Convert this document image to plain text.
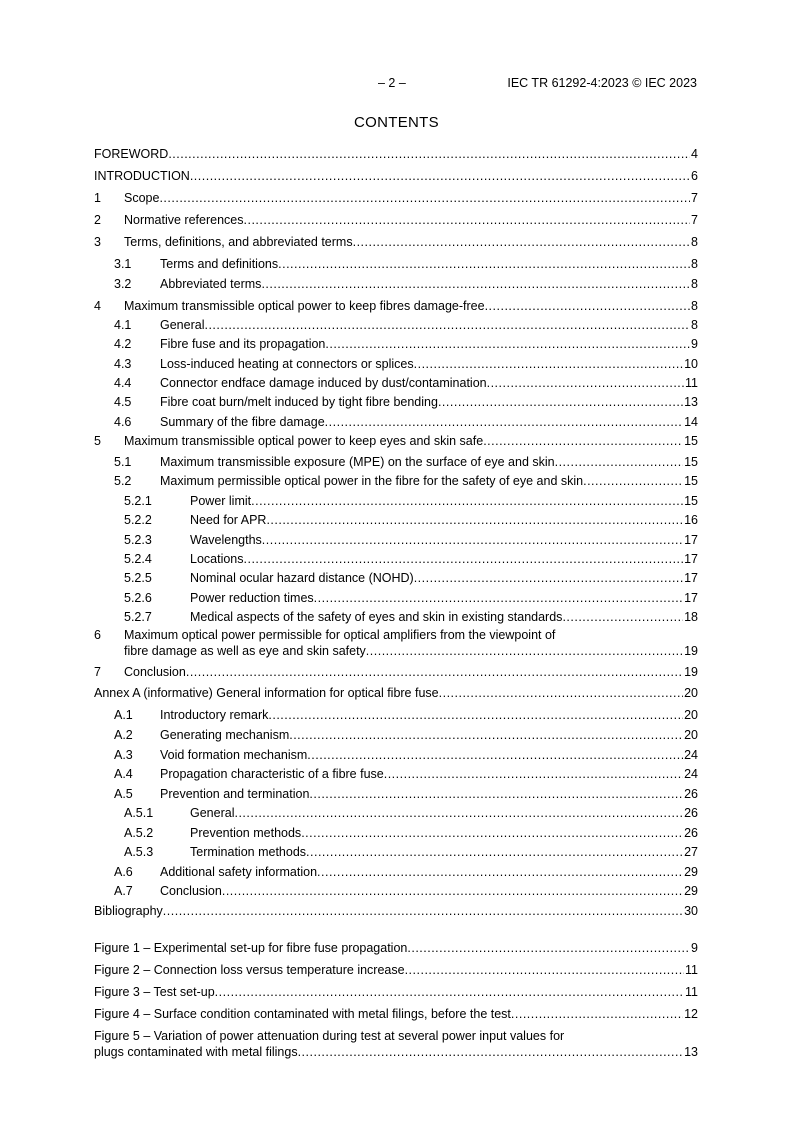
– 2 –	IEC TR 61292-4:2023 © IEC 2023
CONTENTS
FOREWORD .....	4
INTRODUCTION .....	6
1 Scope .....	7
2 Normative references .....	7
3 Terms, definitions, and abbreviated terms .....	8
3.1 Terms and definitions .....	8
3.2 Abbreviated terms .....	8
4 Maximum transmissible optical power to keep fibres damage-free .....	8
4.1 General .....	8
4.2 Fibre fuse and its propagation .....	9
4.3 Loss-induced heating at connectors or splices .....	10
4.4 Connector endface damage induced by dust/contamination .....	11
4.5 Fibre coat burn/melt induced by tight fibre bending .....	13
4.6 Summary of the fibre damage .....	14
5 Maximum transmissible optical power to keep eyes and skin safe .....	15
5.1 Maximum transmissible exposure (MPE) on the surface of eye and skin .....	15
5.2 Maximum permissible optical power in the fibre for the safety of eye and skin .....	15
5.2.1	Power limit .....	15
5.2.2	Need for APR .....	16
5.2.3	Wavelengths .....	17
5.2.4	Locations .....	17
5.2.5	Nominal ocular hazard distance (NOHD) .....	17
5.2.6	Power reduction times .....	17
5.2.7	Medical aspects of the safety of eyes and skin in existing standards .....	18
6 Maximum optical power permissible for optical amplifiers from the viewpoint of
fibre damage as well as eye and skin safety .....	19
7 Conclusion .....	19
Annex A (informative) General information for optical fibre fuse .....	20
A.1 Introductory remark .....	20
A.2 Generating mechanism .....	20
A.3 Void formation mechanism .....	24
A.4 Propagation characteristic of a fibre fuse .....	24
A.5 Prevention and termination .....	26
A.5.1	General .....	26
A.5.2	Prevention methods .....	26
A.5.3	Termination methods .....	27
A.6 Additional safety information .....	29
A.7 Conclusion .....	29
Bibliography .....	30
Figure 1 – Experimental set-up for fibre fuse propagation .....	9
Figure 2 – Connection loss versus temperature increase .....	11
Figure 3 – Test set-up .....	11
Figure 4 – Surface condition contaminated with metal filings, before the test .....	12
Figure 5 – Variation of power attenuation during test at several power input values for
plugs contaminated with metal filings .....	13
